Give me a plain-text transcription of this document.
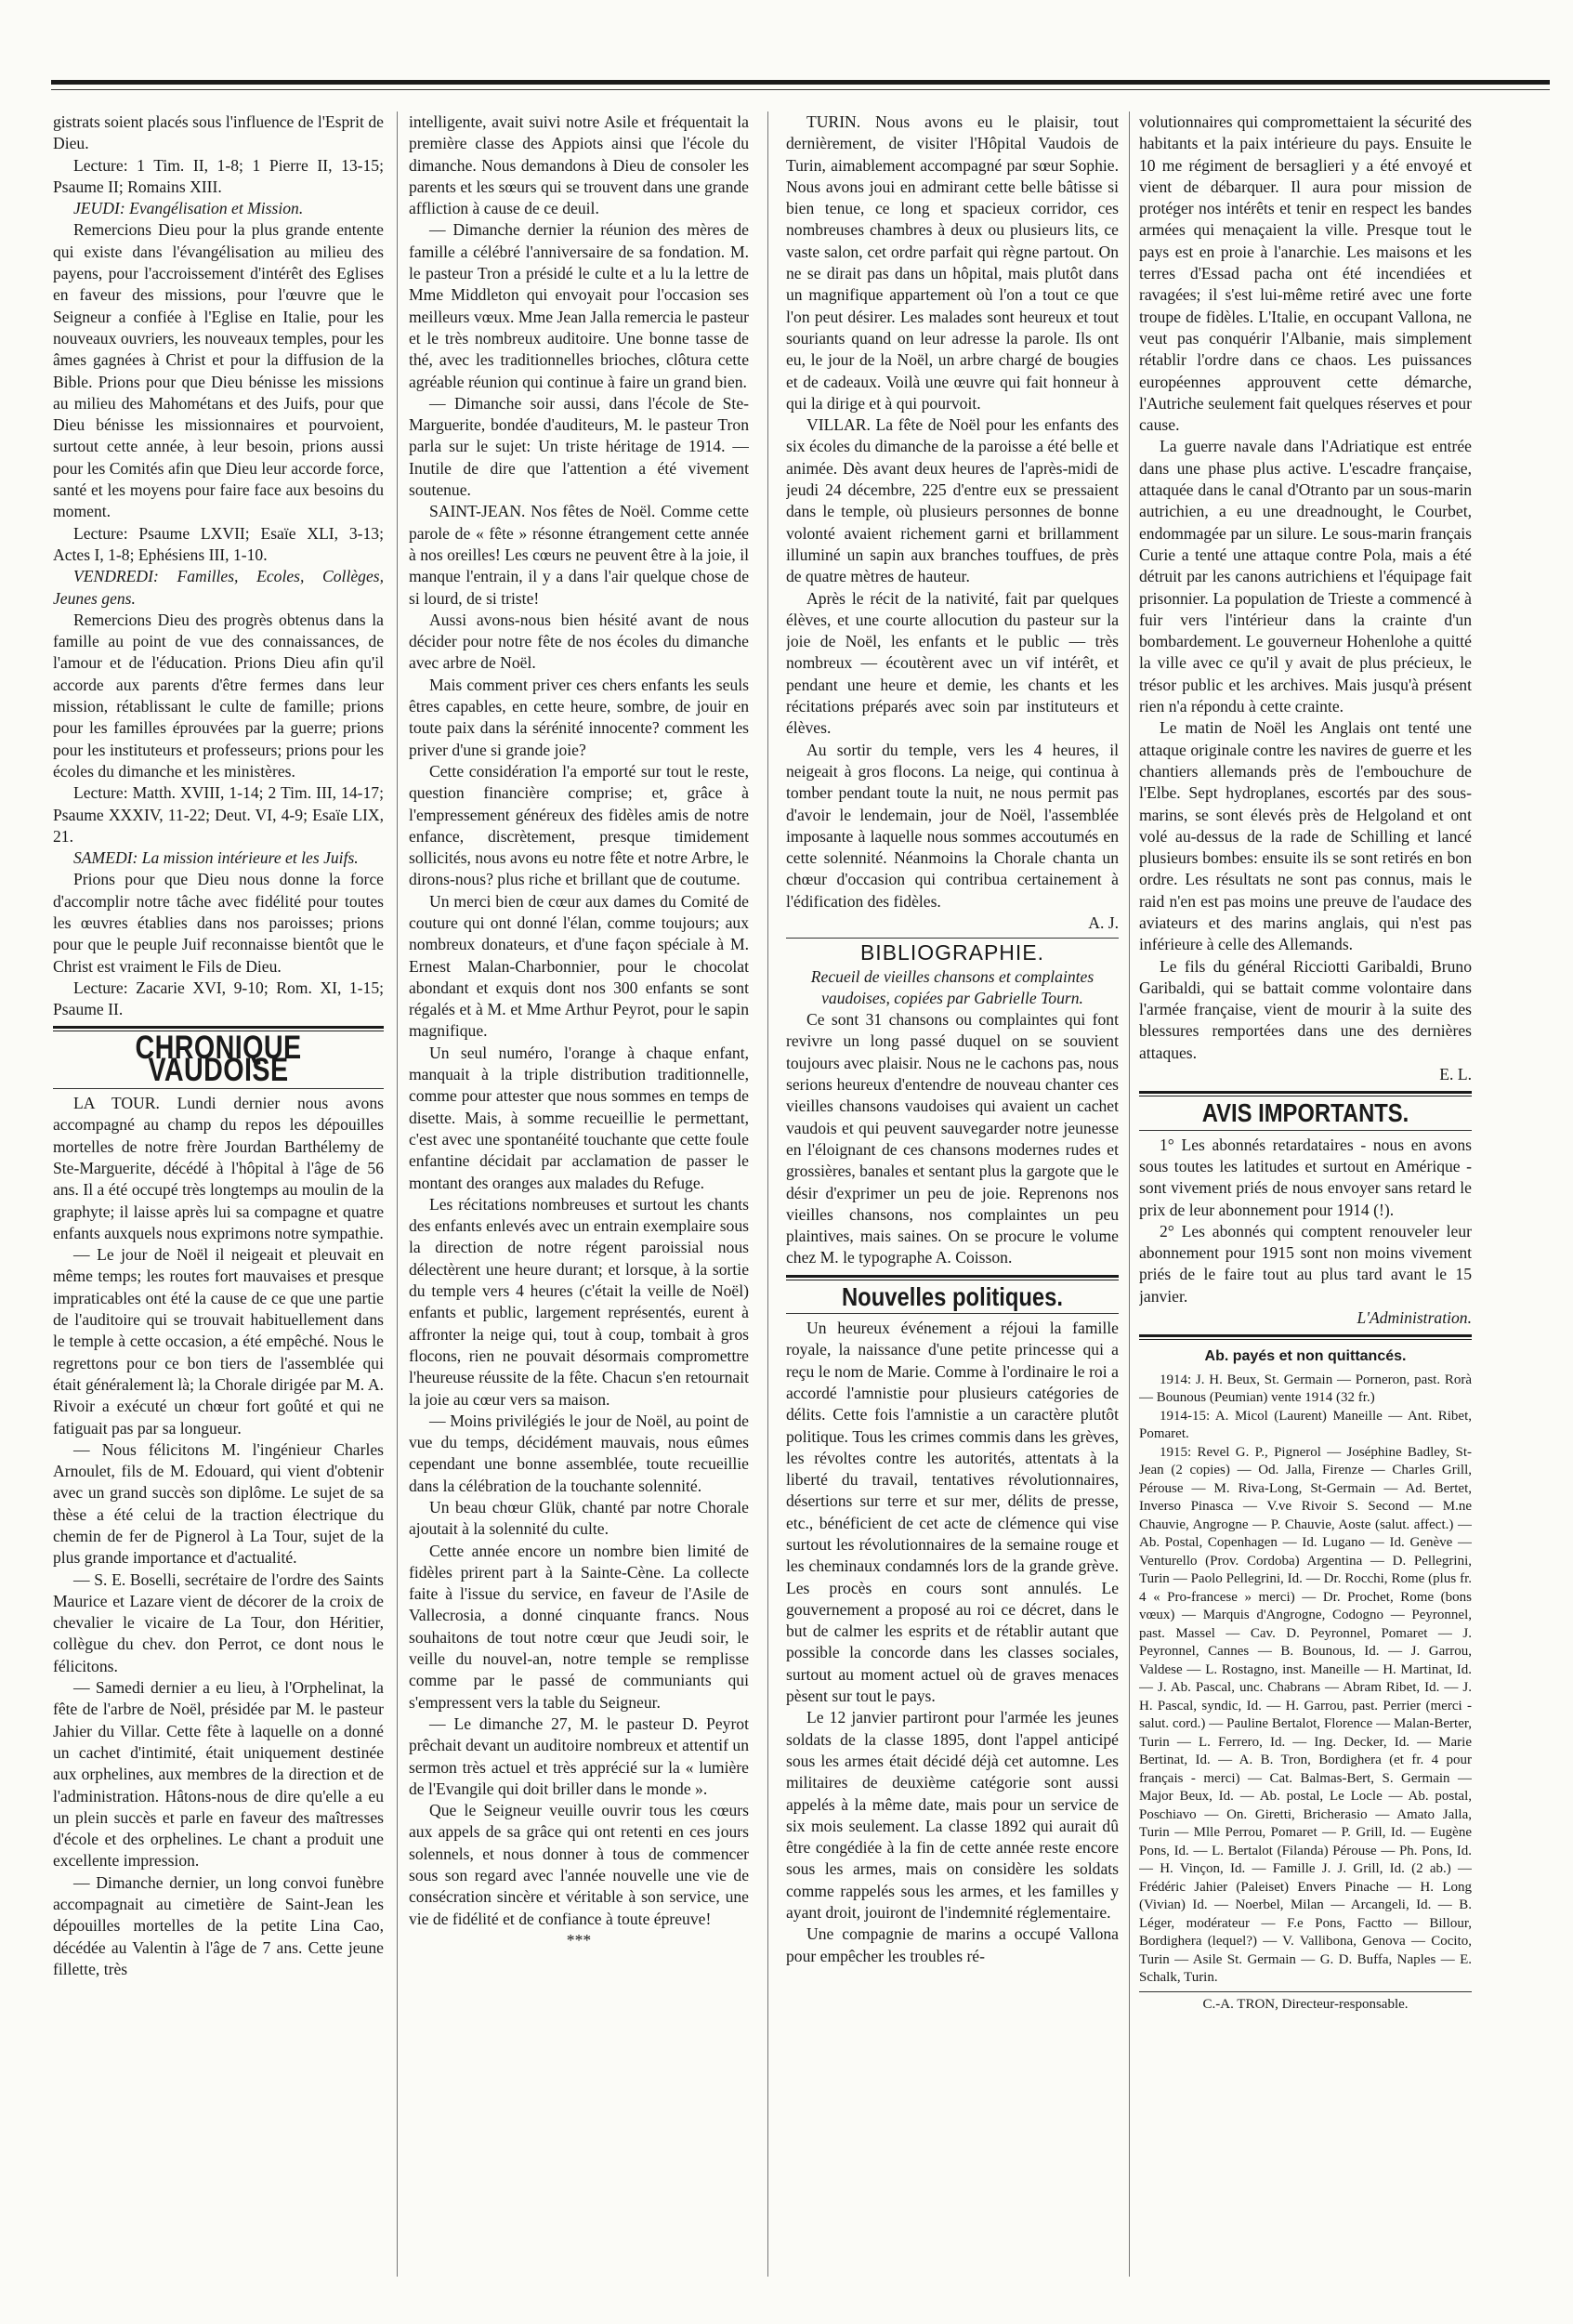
gistrats soient placés sous l'influence de l'Esprit de Dieu.

Lecture: 1 Tim. II, 1-8; 1 Pierre II, 13-15; Psaume II; Romains XIII.

JEUDI: Evangélisation et Mission.

Remercions Dieu pour la plus grande entente qui existe dans l'évangélisation au milieu des payens, pour l'accroissement d'intérêt des Eglises en faveur des missions, pour l'œuvre que le Seigneur a confiée à l'Eglise en Italie, pour les nouveaux ouvriers, les nouveaux temples, pour les âmes gagnées à Christ et pour la diffusion de la Bible. Prions pour que Dieu bénisse les missions au milieu des Mahométans et des Juifs, pour que Dieu bénisse les missionnaires et pourvoient, surtout cette année, à leur besoin, prions aussi pour les Comités afin que Dieu leur accorde force, santé et les moyens pour faire face aux besoins du moment.

Lecture: Psaume LXVII; Esaïe XLI, 3-13; Actes I, 1-8; Ephésiens III, 1-10.

VENDREDI: Familles, Ecoles, Collèges, Jeunes gens.

Remercions Dieu des progrès obtenus dans la famille au point de vue des connaissances, de l'amour et de l'éducation. Prions Dieu afin qu'il accorde aux parents d'être fermes dans leur mission, rétablissant le culte de famille; prions pour les familles éprouvées par la guerre; prions pour les instituteurs et professeurs; prions pour les écoles du dimanche et les ministères.

Lecture: Matth. XVIII, 1-14; 2 Tim. III, 14-17; Psaume XXXIV, 11-22; Deut. VI, 4-9; Esaïe LIX, 21.

SAMEDI: La mission intérieure et les Juifs.

Prions pour que Dieu nous donne la force d'accomplir notre tâche avec fidélité pour toutes les œuvres établies dans nos paroisses; prions pour que le peuple Juif reconnaisse bientôt que le Christ est vraiment le Fils de Dieu.

Lecture: Zacarie XVI, 9-10; Rom. XI, 1-15; Psaume II.

CHRONIQUE VAUDOISE

LA TOUR. Lundi dernier nous avons accompagné au champ du repos les dépouilles mortelles de notre frère Jourdan Barthélemy de Ste-Marguerite, décédé à l'hôpital à l'âge de 56 ans. Il a été occupé très longtemps au moulin de la graphyte; il laisse après lui sa compagne et quatre enfants auxquels nous exprimons notre sympathie.

— Le jour de Noël il neigeait et pleuvait en même temps; les routes fort mauvaises et presque impraticables ont été la cause de ce que une partie de l'auditoire qui se trouvait habituellement dans le temple à cette occasion, a été empêché. Nous le regrettons pour ce bon tiers de l'assemblée qui était généralement là; la Chorale dirigée par M. A. Rivoir a exécuté un chœur fort goûté et qui ne fatiguait pas par sa longueur.

— Nous félicitons M. l'ingénieur Charles Arnoulet, fils de M. Edouard, qui vient d'obtenir avec un grand succès son diplôme. Le sujet de sa thèse a été celui de la traction électrique du chemin de fer de Pignerol à La Tour, sujet de la plus grande importance et d'actualité.

— S. E. Boselli, secrétaire de l'ordre des Saints Maurice et Lazare vient de décorer de la croix de chevalier le vicaire de La Tour, don Héritier, collègue du chev. don Perrot, ce dont nous le félicitons.

— Samedi dernier a eu lieu, à l'Orphelinat, la fête de l'arbre de Noël, présidée par M. le pasteur Jahier du Villar. Cette fête à laquelle on a donné un cachet d'intimité, était uniquement destinée aux orphelines, aux membres de la direction et de l'administration. Hâtons-nous de dire qu'elle a eu un plein succès et parle en faveur des maîtresses d'école et des orphelines. Le chant a produit une excellente impression.

— Dimanche dernier, un long convoi funèbre accompagnait au cimetière de Saint-Jean les dépouilles mortelles de la petite Lina Cao, décédée au Valentin à l'âge de 7 ans. Cette jeune fillette, très

intelligente, avait suivi notre Asile et fréquentait la première classe des Appiots ainsi que l'école du dimanche. Nous demandons à Dieu de consoler les parents et les sœurs qui se trouvent dans une grande affliction à cause de ce deuil.

— Dimanche dernier la réunion des mères de famille a célébré l'anniversaire de sa fondation. M. le pasteur Tron a présidé le culte et a lu la lettre de Mme Middleton qui envoyait pour l'occasion ses meilleurs vœux. Mme Jean Jalla remercia le pasteur et le très nombreux auditoire. Une bonne tasse de thé, avec les traditionnelles brioches, clôtura cette agréable réunion qui continue à faire un grand bien.

— Dimanche soir aussi, dans l'école de Ste-Marguerite, bondée d'auditeurs, M. le pasteur Tron parla sur le sujet: Un triste héritage de 1914. — Inutile de dire que l'attention a été vivement soutenue.

SAINT-JEAN. Nos fêtes de Noël. Comme cette parole de « fête » résonne étrangement cette année à nos oreilles! Les cœurs ne peuvent être à la joie, il manque l'entrain, il y a dans l'air quelque chose de si lourd, de si triste!

Aussi avons-nous bien hésité avant de nous décider pour notre fête de nos écoles du dimanche avec arbre de Noël.

Mais comment priver ces chers enfants les seuls êtres capables, en cette heure, sombre, de jouir en toute paix dans la sérénité innocente? comment les priver d'une si grande joie?

Cette considération l'a emporté sur tout le reste, question financière comprise; et, grâce à l'empressement généreux des fidèles amis de notre enfance, discrètement, presque timidement sollicités, nous avons eu notre fête et notre Arbre, le dirons-nous? plus riche et brillant que de coutume.

Un merci bien de cœur aux dames du Comité de couture qui ont donné l'élan, comme toujours; aux nombreux donateurs, et d'une façon spéciale à M. Ernest Malan-Charbonnier, pour le chocolat abondant et exquis dont nos 300 enfants se sont régalés et à M. et Mme Arthur Peyrot, pour le sapin magnifique.

Un seul numéro, l'orange à chaque enfant, manquait à la triple distribution traditionnelle, comme pour attester que nous sommes en temps de disette. Mais, à somme recueillie le permettant, c'est avec une spontanéité touchante que cette foule enfantine décidait par acclamation de passer le montant des oranges aux malades du Refuge.

Les récitations nombreuses et surtout les chants des enfants enlevés avec un entrain exemplaire sous la direction de notre régent paroissial nous délectèrent une heure durant; et lorsque, à la sortie du temple vers 4 heures (c'était la veille de Noël) enfants et public, largement représentés, eurent à affronter la neige qui, tout à coup, tombait à gros flocons, rien ne pouvait désormais compromettre l'heureuse réussite de la fête. Chacun s'en retournait la joie au cœur vers sa maison.

— Moins privilégiés le jour de Noël, au point de vue du temps, décidément mauvais, nous eûmes cependant une bonne assemblée, toute recueillie dans la célébration de la touchante solennité.

Un beau chœur Glük, chanté par notre Chorale ajoutait à la solennité du culte.

Cette année encore un nombre bien limité de fidèles prirent part à la Sainte-Cène. La collecte faite à l'issue du service, en faveur de l'Asile de Vallecrosia, a donné cinquante francs. Nous souhaitons de tout notre cœur que Jeudi soir, le veille du nouvel-an, notre temple se remplisse comme par le passé de communiants qui s'empressent vers la table du Seigneur.

— Le dimanche 27, M. le pasteur D. Peyrot prêchait devant un auditoire nombreux et attentif un sermon très actuel et très apprécié sur la « lumière de l'Evangile qui doit briller dans le monde ».

Que le Seigneur veuille ouvrir tous les cœurs aux appels de sa grâce qui ont retenti en ces jours solennels, et nous donner à tous de commencer sous son regard avec l'année nouvelle une vie de consécration sincère et véritable à son service, une vie de fidélité et de confiance à toute épreuve!

***

TURIN. Nous avons eu le plaisir, tout dernièrement, de visiter l'Hôpital Vaudois de Turin, aimablement accompagné par sœur Sophie. Nous avons joui en admirant cette belle bâtisse si bien tenue, ce long et spacieux corridor, ces nombreuses chambres à deux ou plusieurs lits, ce vaste salon, cet ordre parfait qui règne partout. On ne se dirait pas dans un hôpital, mais plutôt dans un magnifique appartement où l'on a tout ce que l'on peut désirer. Les malades sont heureux et tout souriants quand on leur adresse la parole. Ils ont eu, le jour de la Noël, un arbre chargé de bougies et de cadeaux. Voilà une œuvre qui fait honneur à qui la dirige et à qui pourvoit.

VILLAR. La fête de Noël pour les enfants des six écoles du dimanche de la paroisse a été belle et animée. Dès avant deux heures de l'après-midi de jeudi 24 décembre, 225 d'entre eux se pressaient dans le temple, où plusieurs personnes de bonne volonté avaient richement garni et brillamment illuminé un sapin aux branches touffues, de près de quatre mètres de hauteur.

Après le récit de la nativité, fait par quelques élèves, et une courte allocution du pasteur sur la joie de Noël, les enfants et le public — très nombreux — écoutèrent avec un vif intérêt, et pendant une heure et demie, les chants et les récitations préparés avec soin par instituteurs et élèves.

Au sortir du temple, vers les 4 heures, il neigeait à gros flocons. La neige, qui continua à tomber pendant toute la nuit, ne nous permit pas d'avoir le lendemain, jour de Noël, l'assemblée imposante à laquelle nous sommes accoutumés en cette solennité. Néanmoins la Chorale chanta un chœur d'occasion qui contribua certainement à l'édification des fidèles.

A. J.
BIBLIOGRAPHIE.

Recueil de vieilles chansons et complaintes vaudoises, copiées par Gabrielle Tourn.

Ce sont 31 chansons ou complaintes qui font revivre un long passé duquel on se souvient toujours avec plaisir. Nous ne le cachons pas, nous serions heureux d'entendre de nouveau chanter ces vieilles chansons vaudoises qui avaient un cachet vaudois et qui peuvent sauvegarder notre jeunesse en l'éloignant de ces chansons modernes rudes et grossières, banales et sentant plus la gargote que le désir d'exprimer un peu de joie. Reprenons nos vieilles chansons, nos complaintes un peu plaintives, mais saines. On se procure le volume chez M. le typographe A. Coisson.

Nouvelles politiques.

Un heureux événement a réjoui la famille royale, la naissance d'une petite princesse qui a reçu le nom de Marie. Comme à l'ordinaire le roi a accordé l'amnistie pour plusieurs catégories de délits. Cette fois l'amnistie a un caractère plutôt politique. Tous les crimes commis dans les grèves, les révoltes contre les autorités, attentats à la liberté du travail, tentatives révolutionnaires, désertions sur terre et sur mer, délits de presse, etc., bénéficient de cet acte de clémence qui vise surtout les révolutionnaires de la semaine rouge et les cheminaux condamnés lors de la grande grève. Les procès en cours sont annulés. Le gouvernement a proposé au roi ce décret, dans le but de calmer les esprits et de rétablir autant que possible la concorde dans les classes sociales, surtout au moment actuel où de graves menaces pèsent sur tout le pays.

Le 12 janvier partiront pour l'armée les jeunes soldats de la classe 1895, dont l'appel anticipé sous les armes était décidé déjà cet automne. Les militaires de deuxième catégorie sont aussi appelés à la même date, mais pour un service de six mois seulement. La classe 1892 qui aurait dû être congédiée à la fin de cette année reste encore sous les armes, mais on considère les soldats comme rappelés sous les armes, et les familles y ayant droit, jouiront de l'indemnité réglementaire.

Une compagnie de marins a occupé Vallona pour empêcher les troubles ré-

volutionnaires qui compromettaient la sécurité des habitants et la paix intérieure du pays. Ensuite le 10 me régiment de bersaglieri y a été envoyé et vient de débarquer. Il aura pour mission de protéger nos intérêts et tenir en respect les bandes armées qui menaçaient la ville. Presque tout le pays est en proie à l'anarchie. Les maisons et les terres d'Essad pacha ont été incendiées et ravagées; il s'est lui-même retiré avec une forte troupe de fidèles. L'Italie, en occupant Vallona, ne veut pas conquérir l'Albanie, mais simplement rétablir l'ordre dans ce chaos. Les puissances européennes approuvent cette démarche, l'Autriche seulement fait quelques réserves et pour cause.

La guerre navale dans l'Adriatique est entrée dans une phase plus active. L'escadre française, attaquée dans le canal d'Otranto par un sous-marin autrichien, a eu une dreadnought, le Courbet, endommagée par un silure. Le sous-marin français Curie a tenté une attaque contre Pola, mais a été détruit par les canons autrichiens et l'équipage fait prisonnier. La population de Trieste a commencé à fuir vers l'intérieur dans la crainte d'un bombardement. Le gouverneur Hohenlohe a quitté la ville avec ce qu'il y avait de plus précieux, le trésor public et les archives. Mais jusqu'à présent rien n'a répondu à cette crainte.

Le matin de Noël les Anglais ont tenté une attaque originale contre les navires de guerre et les chantiers allemands près de l'embouchure de l'Elbe. Sept hydroplanes, escortés par des sous-marins, se sont élevés près de Helgoland et ont volé au-dessus de la rade de Schilling et lancé plusieurs bombes: ensuite ils se sont retirés en bon ordre. Les résultats ne sont pas connus, mais le raid n'en est pas moins une preuve de l'audace des aviateurs et des marins anglais, qui n'est pas inférieure à celle des Allemands.

Le fils du général Ricciotti Garibaldi, Bruno Garibaldi, qui se battait comme volontaire dans l'armée française, vient de mourir à la suite des blessures remportées dans une des dernières attaques.

E. L.
AVIS IMPORTANTS.

1° Les abonnés retardataires - nous en avons sous toutes les latitudes et surtout en Amérique - sont vivement priés de nous envoyer sans retard le prix de leur abonnement pour 1914 (!).

2° Les abonnés qui comptent renouveler leur abonnement pour 1915 sont non moins vivement priés de le faire tout au plus tard avant le 15 janvier.

L'Administration.
Ab. payés et non quittancés.

1914: J. H. Beux, St. Germain — Porneron, past. Rorà — Bounous (Peumian) vente 1914 (32 fr.)

1914-15: A. Micol (Laurent) Maneille — Ant. Ribet, Pomaret.

1915: Revel G. P., Pignerol — Joséphine Badley, St-Jean (2 copies) — Od. Jalla, Firenze — Charles Grill, Pérouse — M. Riva-Long, St-Germain — Ad. Bertet, Inverso Pinasca — V.ve Rivoir S. Second — M.ne Chauvie, Angrogne — P. Chauvie, Aoste (salut. affect.) — Ab. Postal, Copenhagen — Id. Lugano — Id. Genève — Venturello (Prov. Cordoba) Argentina — D. Pellegrini, Turin — Paolo Pellegrini, Id. — Dr. Rocchi, Rome (plus fr. 4 « Pro-francese » merci) — Dr. Prochet, Rome (bons vœux) — Marquis d'Angrogne, Codogno — Peyronnel, past. Massel — Cav. D. Peyronnel, Pomaret — J. Peyronnel, Cannes — B. Bounous, Id. — J. Garrou, Valdese — L. Rostagno, inst. Maneille — H. Martinat, Id. — J. Ab. Pascal, unc. Chabrans — Abram Ribet, Id. — J. H. Pascal, syndic, Id. — H. Garrou, past. Perrier (merci - salut. cord.) — Pauline Bertalot, Florence — Malan-Berter, Turin — L. Ferrero, Id. — Ing. Decker, Id. — Marie Bertinat, Id. — A. B. Tron, Bordighera (et fr. 4 pour français - merci) — Cat. Balmas-Bert, S. Germain — Major Beux, Id. — Ab. postal, Le Locle — Ab. postal, Poschiavo — On. Giretti, Bricherasio — Amato Jalla, Turin — Mlle Perrou, Pomaret — P. Grill, Id. — Eugène Pons, Id. — L. Bertalot (Filanda) Pérouse — Ph. Pons, Id. — H. Vinçon, Id. — Famille J. J. Grill, Id. (2 ab.) — Frédéric Jahier (Paleiset) Envers Pinache — H. Long (Vivian) Id. — Noerbel, Milan — Arcangeli, Id. — B. Léger, modérateur — F.e Pons, Factto — Billour, Bordighera (lequel?) — V. Vallibona, Genova — Cocito, Turin — Asile St. Germain — G. D. Buffa, Naples — E. Schalk, Turin.

C.-A. TRON, Directeur-responsable.
